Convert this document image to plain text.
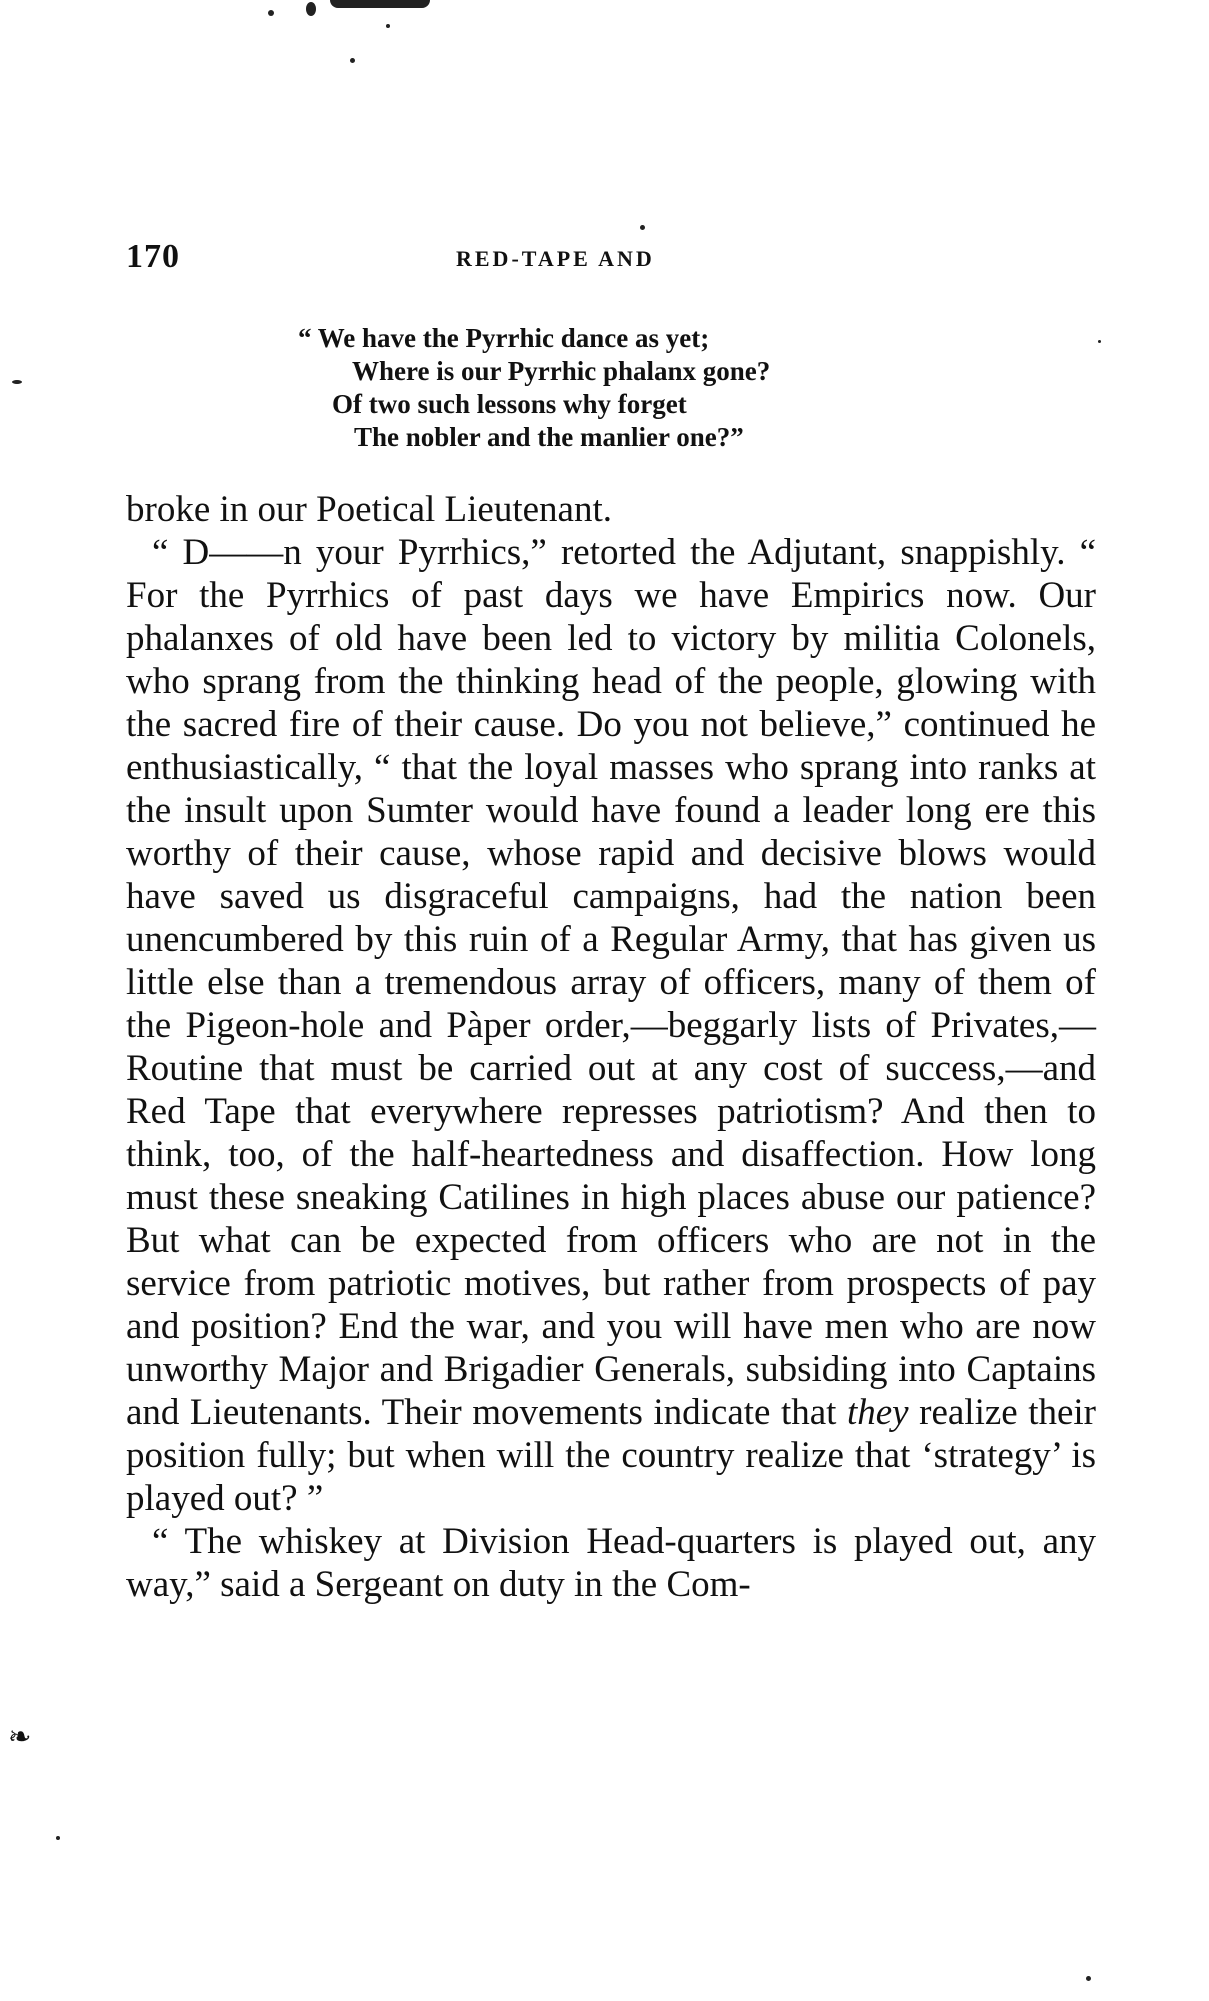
170	RED-TAPE AND
“ We have the Pyrrhic dance as yet;
Where is our Pyrrhic phalanx gone?
Of two such lessons why forget
The nobler and the manlier one?”

broke in our Poetical Lieutenant.

“ D——n your Pyrrhics,” retorted the Adjutant, snappishly. “ For the Pyrrhics of past days we have Empirics now. Our phalanxes of old have been led to victory by militia Colonels, who sprang from the thinking head of the people, glowing with the sacred fire of their cause. Do you not believe,” continued he enthusiastically, “ that the loyal masses who sprang into ranks at the insult upon Sumter would have found a leader long ere this worthy of their cause, whose rapid and decisive blows would have saved us disgraceful campaigns, had the nation been unencumbered by this ruin of a Regular Army, that has given us little else than a tremendous array of officers, many of them of the Pigeon-hole and Pàper order,—beggarly lists of Privates,—Routine that must be carried out at any cost of success,—and Red Tape that everywhere represses patriotism? And then to think, too, of the half-heartedness and disaffection. How long must these sneaking Catilines in high places abuse our patience? But what can be expected from officers who are not in the service from patriotic motives, but rather from prospects of pay and position? End the war, and you will have men who are now unworthy Major and Brigadier Generals, subsiding into Captains and Lieutenants. Their movements indicate that they realize their position fully; but when will the country realize that ‘strategy’ is played out? ”

“ The whiskey at Division Head-quarters is played out, any way,” said a Sergeant on duty in the Com-

❧
